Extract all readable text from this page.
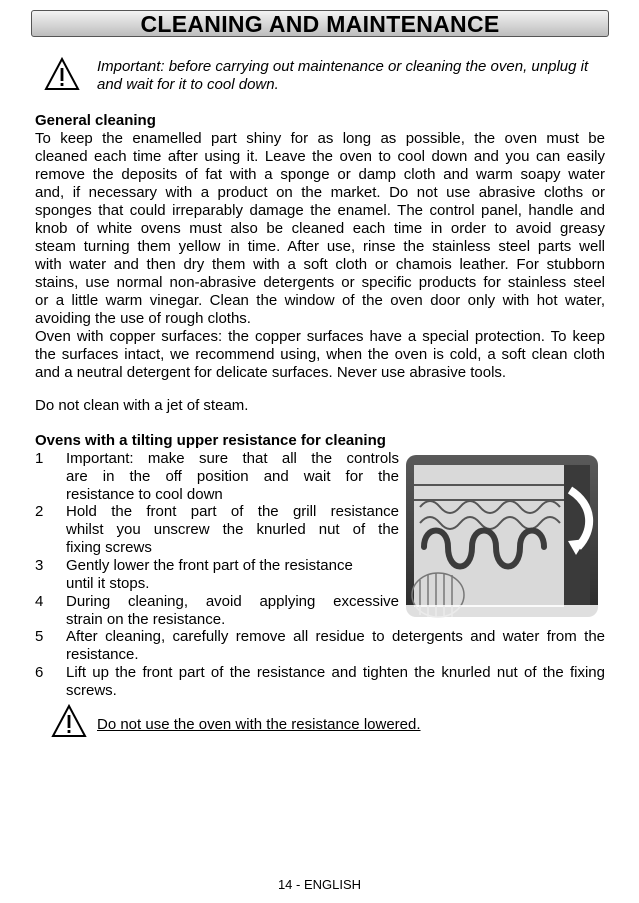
CLEANING AND MAINTENANCE
Important: before carrying out maintenance or cleaning the oven, unplug it and wait for it to cool down.
General cleaning
To keep the enamelled part shiny for as long as possible, the oven must be
cleaned each time after using it. Leave the oven to cool down and you can easily
remove the deposits of fat with a sponge or damp cloth and warm soapy water
and, if necessary with a product on the market. Do not use abrasive cloths or
sponges that could irreparably damage the enamel. The control panel, handle and
knob of white ovens must also be cleaned each time in order to avoid greasy
steam turning them yellow in time. After use, rinse the stainless steel parts well
with water and then dry them with a soft cloth or chamois leather. For stubborn
stains, use normal non-abrasive detergents or specific products for stainless steel
or a little warm vinegar. Clean the window of the oven door only with hot water,
avoiding the use of rough cloths.
Oven with copper surfaces: the copper surfaces have a special protection. To keep
the surfaces intact, we recommend using, when the oven is cold, a soft clean cloth
and a neutral detergent for delicate surfaces. Never use abrasive tools.
Do not clean with a jet of steam.
Ovens with a tilting upper resistance for cleaning
1	Important: make sure that all the controls
are in the off position and wait for the
resistance to cool down
2	Hold the front part of the grill resistance
whilst you unscrew the knurled nut of the
fixing screws
3	Gently lower the front part of the resistance
until it stops.
4	During cleaning, avoid applying excessive
strain on the resistance.
5	After cleaning, carefully remove all residue to detergents and water from the
resistance.
6	Lift up the front part of the resistance and tighten the knurled nut of the fixing
screws.
Do not use the oven with the resistance lowered.
14 - ENGLISH
